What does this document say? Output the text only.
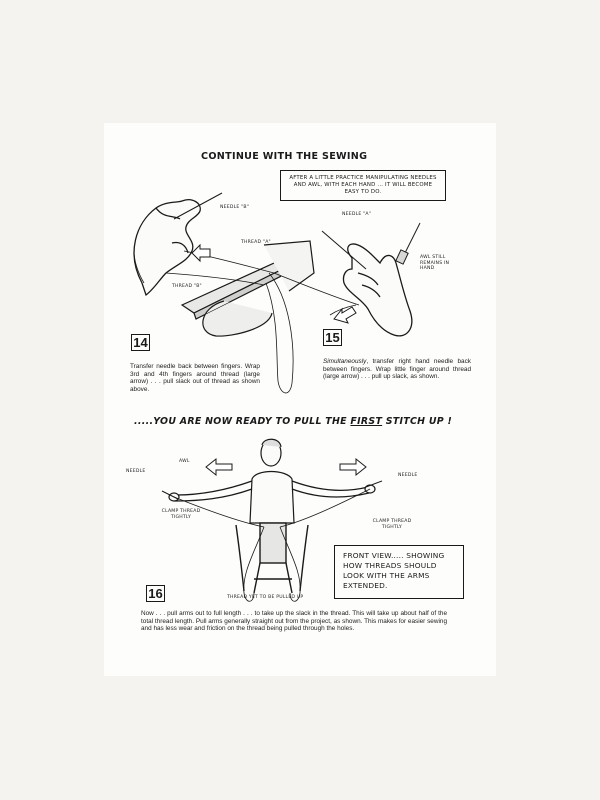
CONTINUE WITH THE SEWING
AFTER A LITTLE PRACTICE MANIPULATING NEEDLES AND AWL, WITH EACH HAND ... IT WILL BECOME EASY TO DO.
NEEDLE "B"
THREAD "A"
THREAD "B"
NEEDLE "A"
AWL STILL REMAINS IN HAND
14	15

Transfer needle back between fingers. Wrap 3rd and 4th fingers around thread (large arrow) . . . pull slack out of thread as shown above.

Simultaneously, transfer right hand needle back between fingers. Wrap little finger around thread (large arrow) . . . pull up slack, as shown.

.....YOU ARE NOW READY TO PULL THE FIRST STITCH UP !
NEEDLE
AWL
CLAMP THREAD TIGHTLY
NEEDLE
CLAMP THREAD TIGHTLY
THREAD YET TO BE PULLED UP
FRONT VIEW..... SHOWING HOW THREADS SHOULD LOOK WITH THE ARMS EXTENDED.
16

Now . . . pull arms out to full length . . . to take up the slack in the thread. This will take up about half of the total thread length. Pull arms generally straight out from the project, as shown. This makes for easier sewing and has less wear and friction on the thread being pulled through the holes.
